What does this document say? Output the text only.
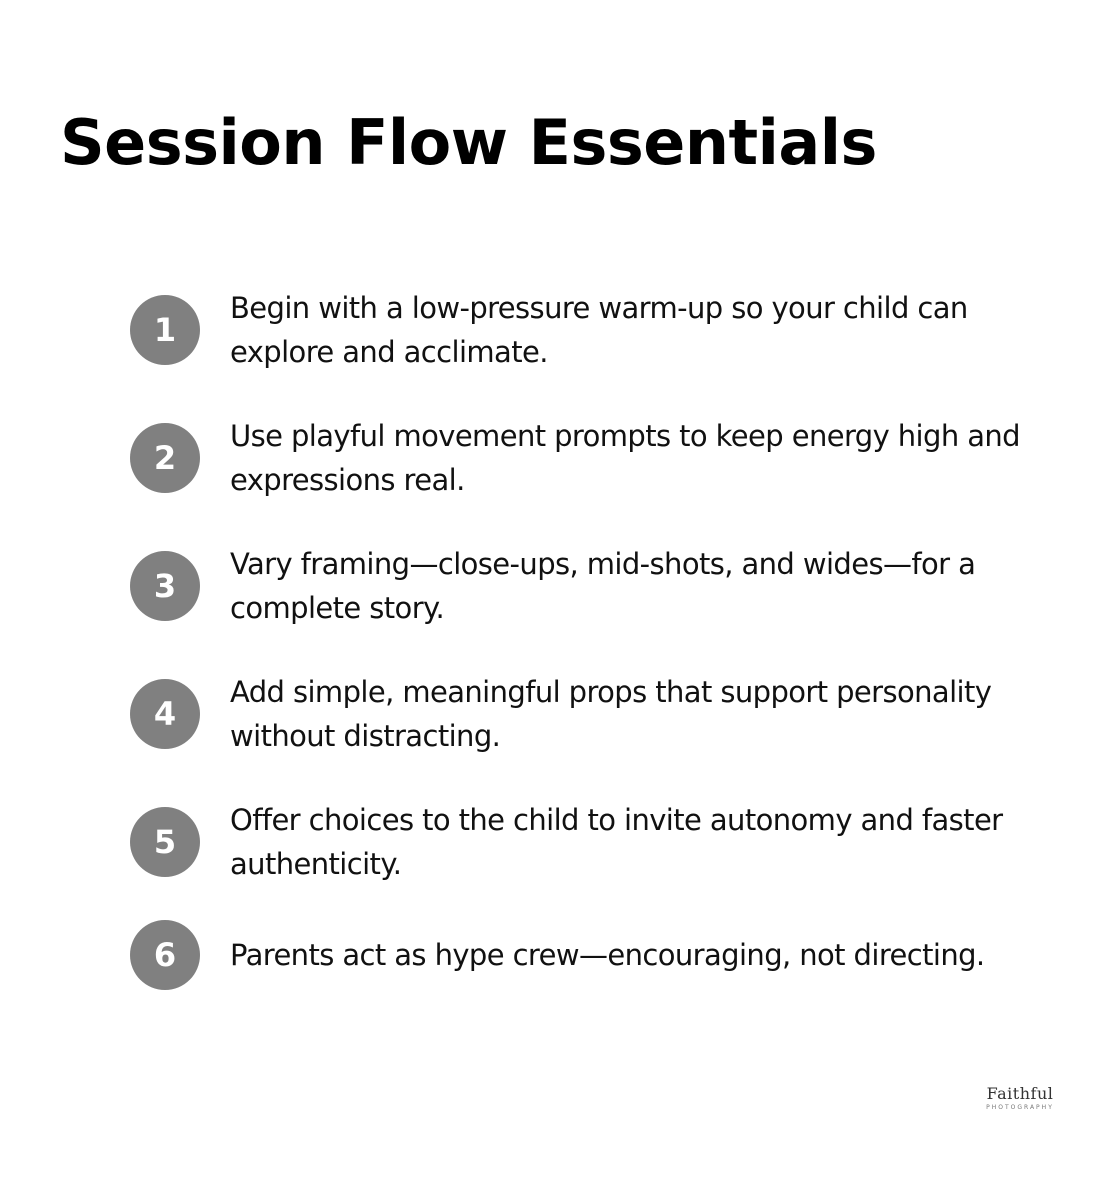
Session Flow Essentials
1
Begin with a low-pressure warm-up so your child can explore and acclimate.
2
Use playful movement prompts to keep energy high and expressions real.
3
Vary framing—close-ups, mid-shots, and wides—for a complete story.
4
Add simple, meaningful props that support personality without distracting.
5
Offer choices to the child to invite autonomy and faster authenticity.
6	Parents act as hype crew—encouraging, not directing.
Faithful
PHOTOGRAPHY
